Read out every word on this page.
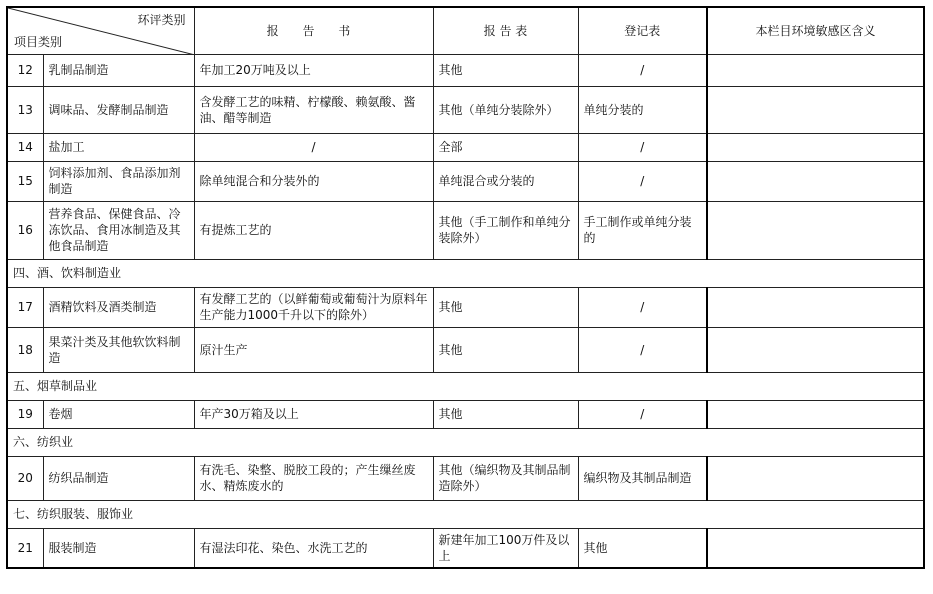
环评类别
项目类别		报 告 书	报 告 表	登记表	本栏目环境敏感区含义
12	乳制品制造	年加工20万吨及以上	其他	/	
13	调味品、发酵制品制造	含发酵工艺的味精、柠檬酸、赖氨酸、酱油、醋等制造	其他（单纯分装除外）	单纯分装的	
14	盐加工	/	全部	/	
15	饲料添加剂、食品添加剂制造	除单纯混合和分装外的	单纯混合或分装的	/	
16	营养食品、保健食品、冷冻饮品、食用冰制造及其他食品制造	有提炼工艺的	其他（手工制作和单纯分装除外）	手工制作或单纯分装的	
四、酒、饮料制造业					
17	酒精饮料及酒类制造	有发酵工艺的（以鲜葡萄或葡萄汁为原料年生产能力1000千升以下的除外）	其他	/	
18	果菜汁类及其他软饮料制造	原汁生产	其他	/	
五、烟草制品业					
19	卷烟	年产30万箱及以上	其他	/	
六、纺织业					
20	纺织品制造	有洗毛、染整、脱胶工段的；产生缫丝废水、精炼废水的	其他（编织物及其制品制造除外）	编织物及其制品制造	
七、纺织服装、服饰业					
21	服装制造	有湿法印花、染色、水洗工艺的	新建年加工100万件及以上	其他	
